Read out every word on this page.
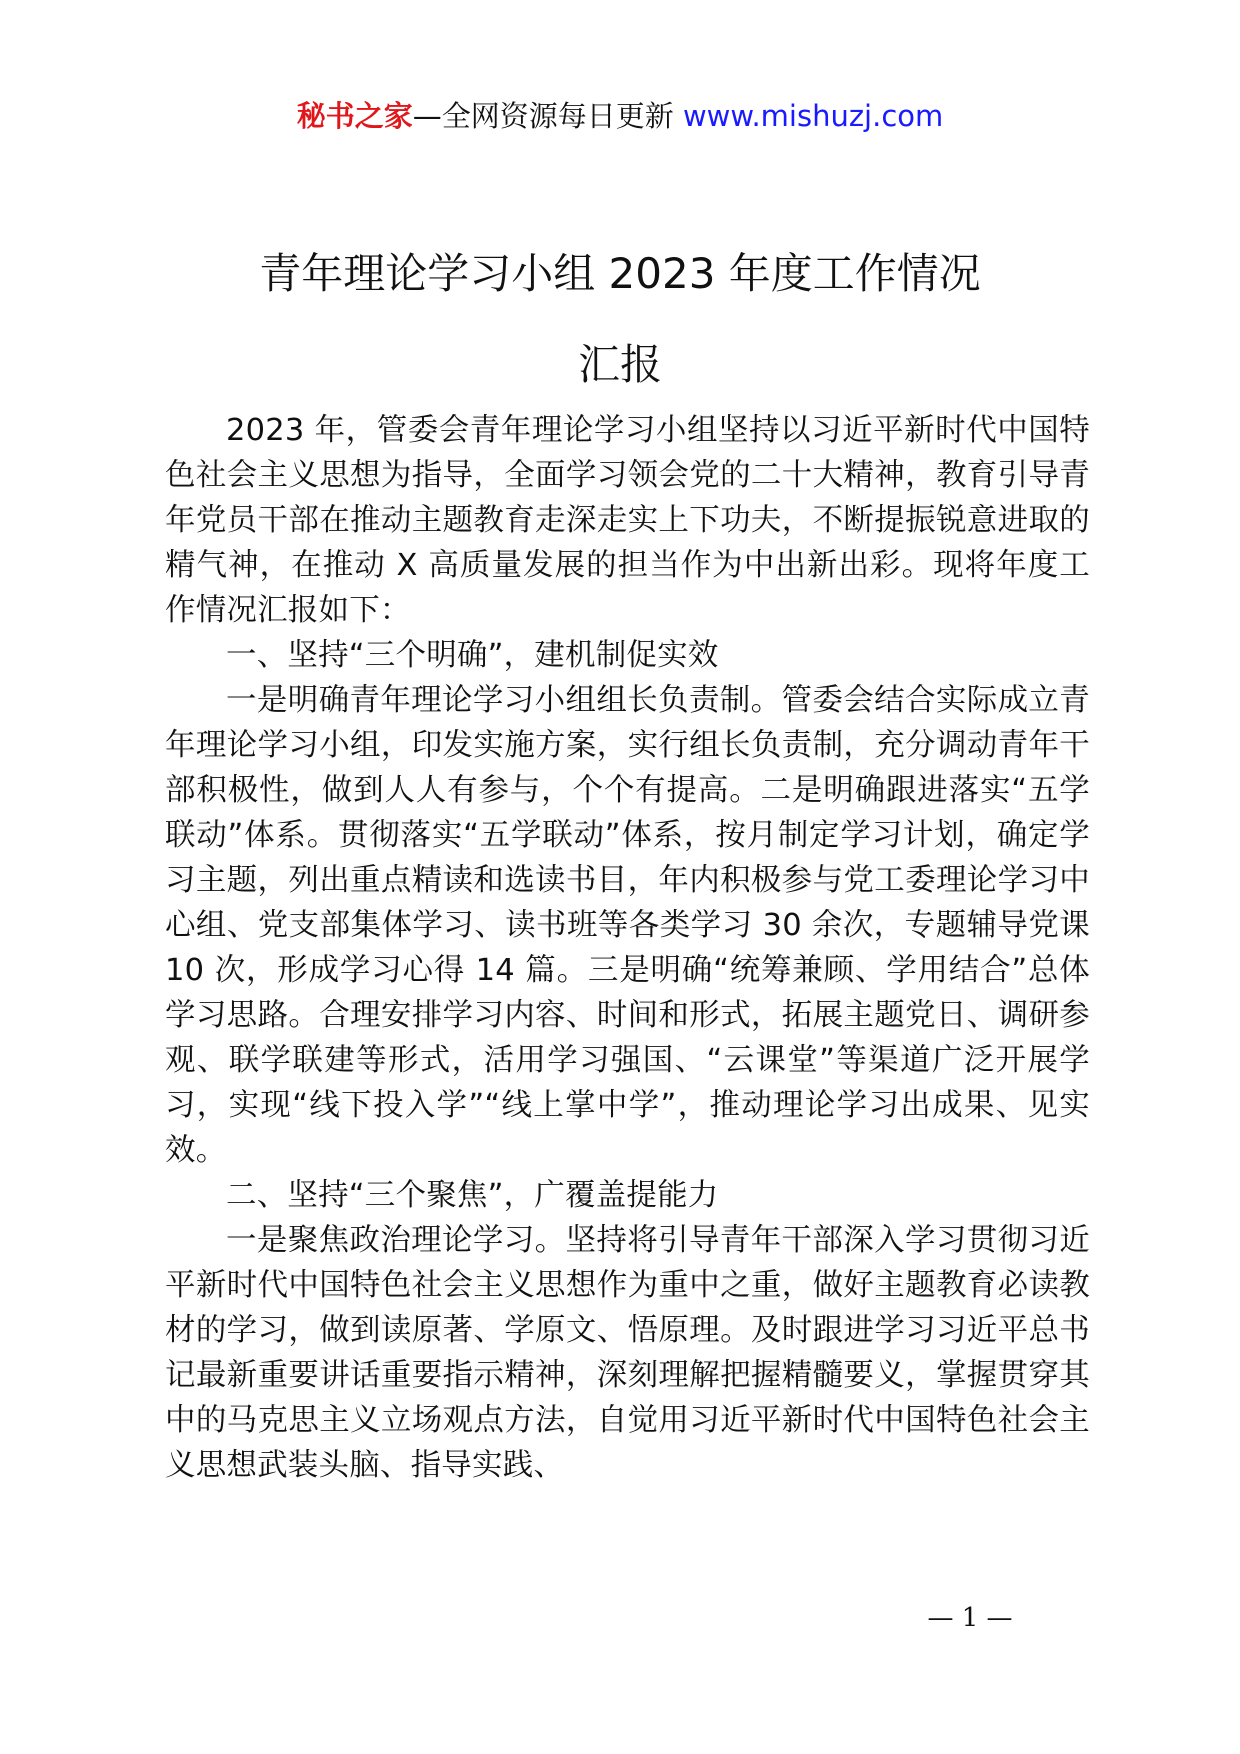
秘书之家—全网资源每日更新 www.mishuzj.com
青年理论学习小组 2023 年度工作情况
汇报

2023 年，管委会青年理论学习小组坚持以习近平新时代中国特色社会主义思想为指导，全面学习领会党的二十大精神，教育引导青年党员干部在推动主题教育走深走实上下功夫，不断提振锐意进取的精气神，在推动 X 高质量发展的担当作为中出新出彩。现将年度工作情况汇报如下：

一、坚持“三个明确”，建机制促实效

一是明确青年理论学习小组组长负责制。管委会结合实际成立青年理论学习小组，印发实施方案，实行组长负责制，充分调动青年干部积极性，做到人人有参与，个个有提高。二是明确跟进落实“五学联动”体系。贯彻落实“五学联动”体系，按月制定学习计划，确定学习主题，列出重点精读和选读书目，年内积极参与党工委理论学习中心组、党支部集体学习、读书班等各类学习 30 余次，专题辅导党课 10 次，形成学习心得 14 篇。三是明确“统筹兼顾、学用结合”总体学习思路。合理安排学习内容、时间和形式，拓展主题党日、调研参观、联学联建等形式，活用学习强国、“云课堂”等渠道广泛开展学习，实现“线下投入学”“线上掌中学”，推动理论学习出成果、见实效。

二、坚持“三个聚焦”，广覆盖提能力

一是聚焦政治理论学习。坚持将引导青年干部深入学习贯彻习近平新时代中国特色社会主义思想作为重中之重，做好主题教育必读教材的学习，做到读原著、学原文、悟原理。及时跟进学习习近平总书记最新重要讲话重要指示精神，深刻理解把握精髓要义，掌握贯穿其中的马克思主义立场观点方法，自觉用习近平新时代中国特色社会主义思想武装头脑、指导实践、

— 1 —
